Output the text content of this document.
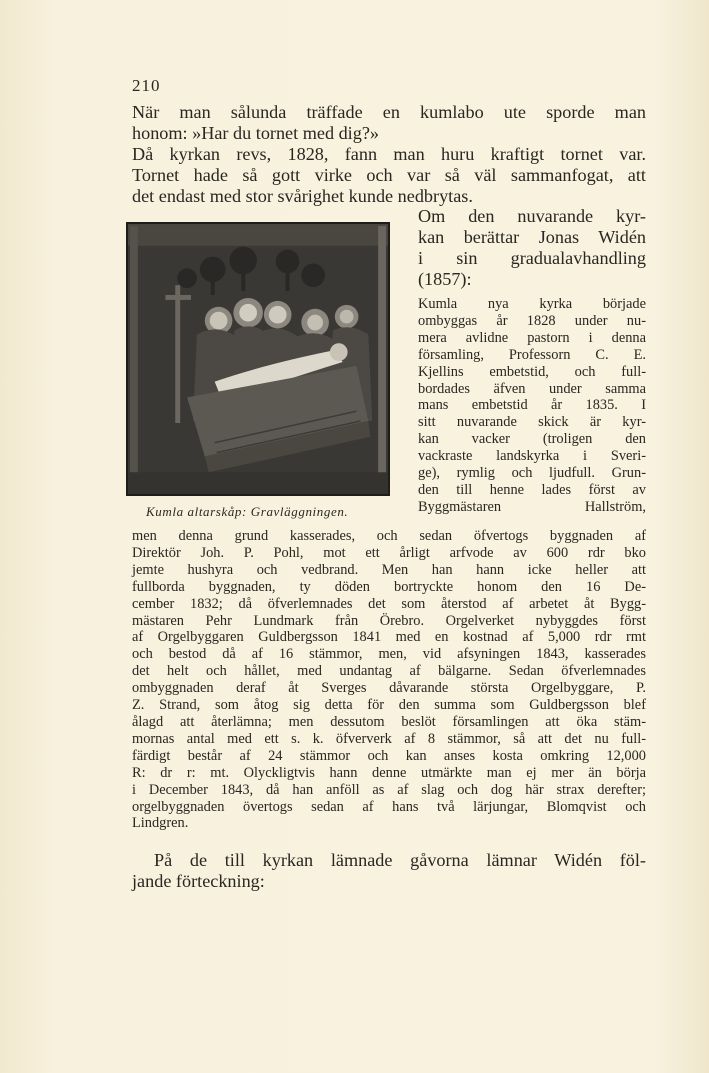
210
När man sålunda träffade en kumlabo ute sporde man
honom: »Har du tornet med dig?»
Då kyrkan revs, 1828, fann man huru kraftigt tornet var.
Tornet hade så gott virke och var så väl sammanfogat, att
det endast med stor svårighet kunde nedbrytas.
Kumla altarskåp: Gravläggningen.
Om den nuvarande kyr-
kan berättar Jonas Widén
i sin gradualavhandling
(1857):
Kumla nya kyrka började
ombyggas år 1828 under nu-
mera avlidne pastorn i denna
församling, Professorn C. E.
Kjellins embetstid, och full-
bordades äfven under samma
mans embetstid år 1835. I
sitt nuvarande skick är kyr-
kan vacker (troligen den
vackraste landskyrka i Sveri-
ge), rymlig och ljudfull. Grun-
den till henne lades först av
Byggmästaren Hallström,
men denna grund kasserades, och sedan öfvertogs byggnaden af
Direktör Joh. P. Pohl, mot ett årligt arfvode av 600 rdr bko
jemte hushyra och vedbrand. Men han hann icke heller att
fullborda byggnaden, ty döden bortryckte honom den 16 De-
cember 1832; då öfverlemnades det som återstod af arbetet åt Bygg-
mästaren Pehr Lundmark från Örebro. Orgelverket nybyggdes först
af Orgelbyggaren Guldbergsson 1841 med en kostnad af 5,000 rdr rmt
och bestod då af 16 stämmor, men, vid afsyningen 1843, kasserades
det helt och hållet, med undantag af bälgarne. Sedan öfverlemnades
ombyggnaden deraf åt Sverges dåvarande största Orgelbyggare, P.
Z. Strand, som åtog sig detta för den summa som Guldbergsson blef
ålagd att återlämna; men dessutom beslöt församlingen att öka stäm-
mornas antal med ett s. k. öfververk af 8 stämmor, så att det nu full-
färdigt består af 24 stämmor och kan anses kosta omkring 12,000
R: dr r: mt. Olyckligtvis hann denne utmärkte man ej mer än börja
i December 1843, då han anföll as af slag och dog här strax derefter;
orgelbyggnaden övertogs sedan af hans två lärjungar, Blomqvist och
Lindgren.
På de till kyrkan lämnade gåvorna lämnar Widén föl-
jande förteckning:
